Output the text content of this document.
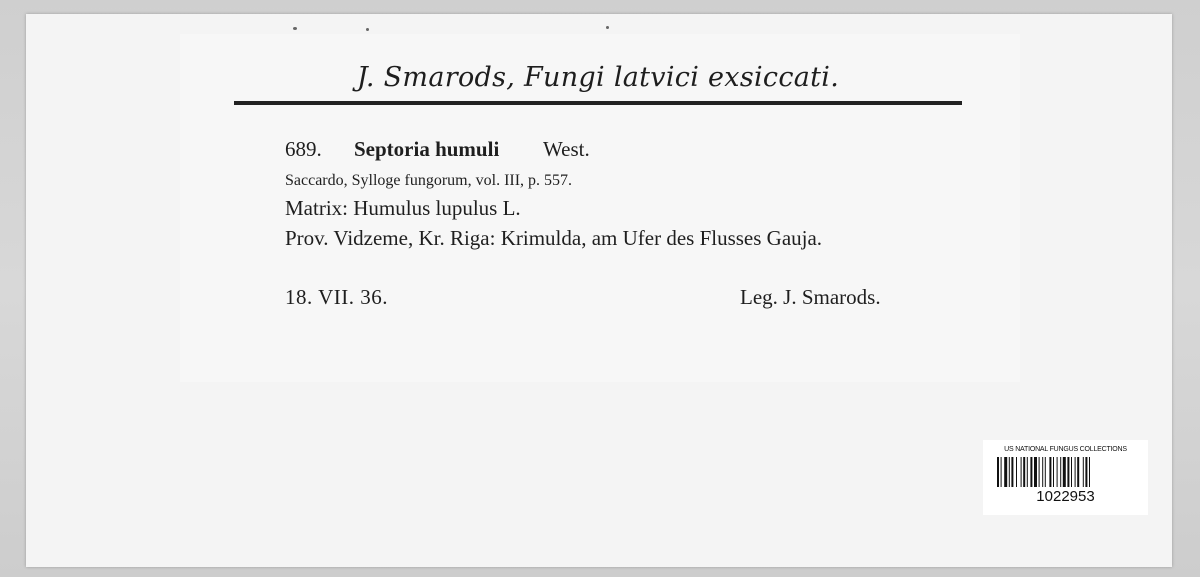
J. Smarods, Fungi latvici exsiccati.
689. Septoria humuli West.
Saccardo, Sylloge fungorum, vol. III, p. 557.
Matrix: Humulus lupulus L.
Prov. Vidzeme, Kr. Riga: Krimulda, am Ufer des Flusses Gauja.
18. VII. 36.	Leg. J. Smarods.
US NATIONAL FUNGUS COLLECTIONS
1022953
